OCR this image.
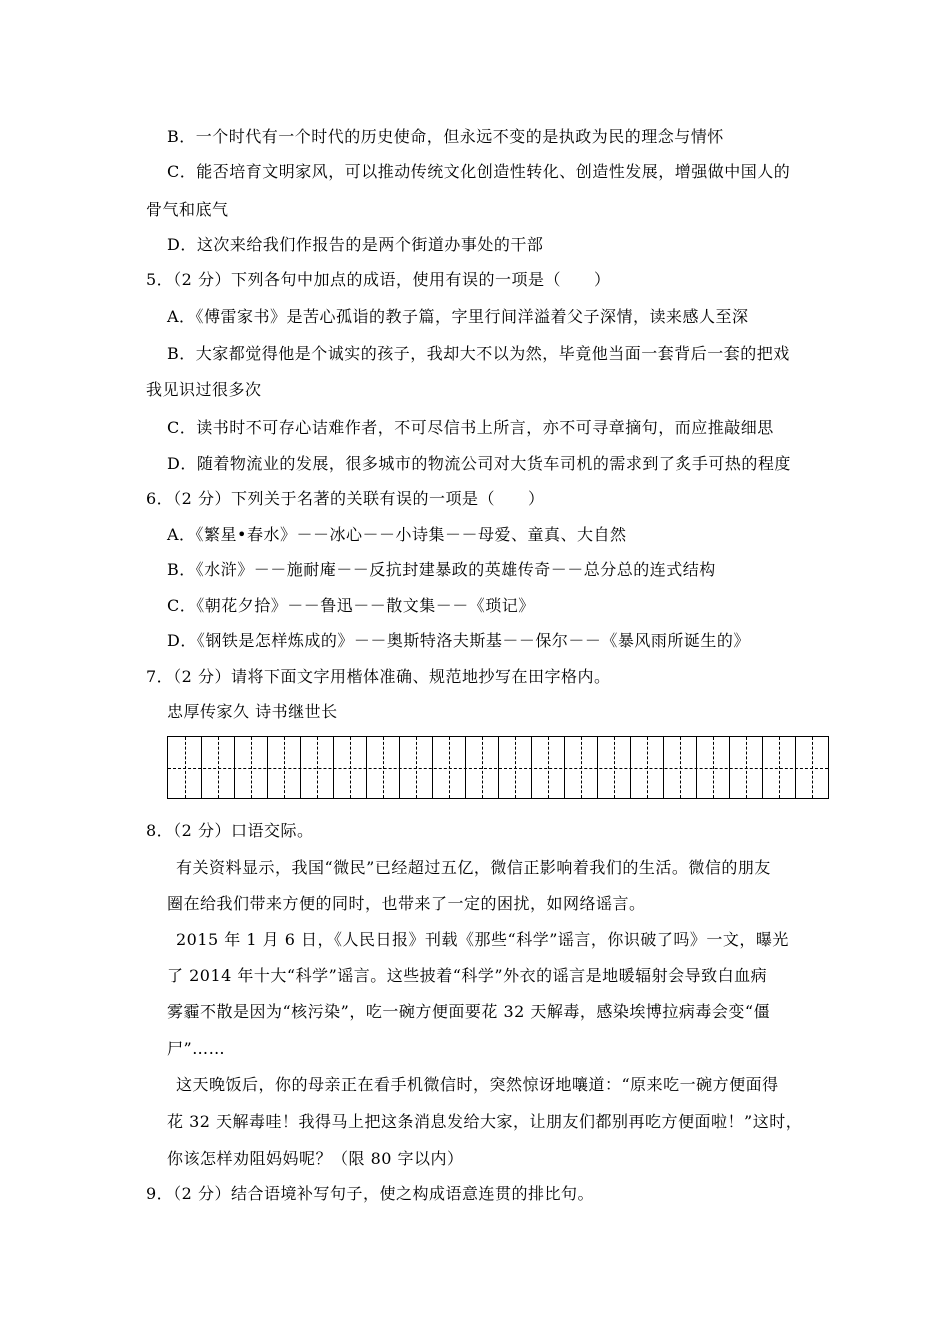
B．一个时代有一个时代的历史使命，但永远不变的是执政为民的理念与情怀
C．能否培育文明家风，可以推动传统文化创造性转化、创造性发展，增强做中国人的
骨气和底气
D．这次来给我们作报告的是两个街道办事处的干部
5．（2 分）下列各句中加点的成语，使用有误的一项是（　　）
A．《傅雷家书》是苦心孤诣的教子篇，字里行间洋溢着父子深情，读来感人至深
B．大家都觉得他是个诚实的孩子，我却大不以为然，毕竟他当面一套背后一套的把戏
我见识过很多次
C．读书时不可存心诘难作者，不可尽信书上所言，亦不可寻章摘句，而应推敲细思
D．随着物流业的发展，很多城市的物流公司对大货车司机的需求到了炙手可热的程度
6．（2 分）下列关于名著的关联有误的一项是（　　）
A．《繁星•春水》－－冰心－－小诗集－－母爱、童真、大自然
B．《水浒》－－施耐庵－－反抗封建暴政的英雄传奇－－总分总的连式结构
C．《朝花夕拾》－－鲁迅－－散文集－－《琐记》
D．《钢铁是怎样炼成的》－－奥斯特洛夫斯基－－保尔－－《暴风雨所诞生的》
7．（2 分）请将下面文字用楷体准确、规范地抄写在田字格内。
忠厚传家久 诗书继世长
8．（2 分）口语交际。
有关资料显示，我国“微民”已经超过五亿，微信正影响着我们的生活。微信的朋友
圈在给我们带来方便的同时，也带来了一定的困扰，如网络谣言。
2015 年 1 月 6 日，《人民日报》刊载《那些“科学”谣言，你识破了吗》一文，曝光
了 2014 年十大“科学”谣言。这些披着“科学”外衣的谣言是地暖辐射会导致白血病
雾霾不散是因为“核污染”，吃一碗方便面要花 32 天解毒，感染埃博拉病毒会变“僵
尸”……
这天晚饭后，你的母亲正在看手机微信时，突然惊讶地嚷道：“原来吃一碗方便面得
花 32 天解毒哇！我得马上把这条消息发给大家，让朋友们都别再吃方便面啦！”这时，
你该怎样劝阻妈妈呢？（限 80 字以内）
9．（2 分）结合语境补写句子，使之构成语意连贯的排比句。
